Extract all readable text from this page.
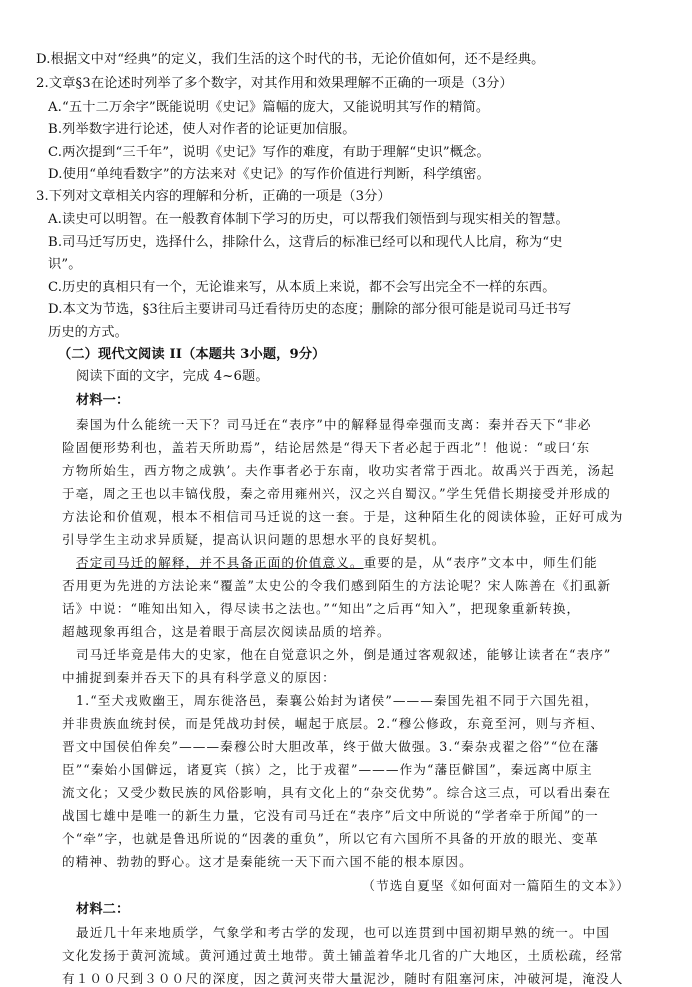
D.根据文中对“经典”的定义，我们生活的这个时代的书，无论价值如何，还不是经典。
2.文章§3在论述时列举了多个数字，对其作用和效果理解不正确的一项是（3分）
A.“五十二万余字”既能说明《史记》篇幅的庞大，又能说明其写作的精简。
B.列举数字进行论述，使人对作者的论证更加信服。
C.两次提到“三千年”，说明《史记》写作的难度，有助于理解“史识”概念。
D.使用“单纯看数字”的方法来对《史记》的写作价值进行判断，科学缜密。
3.下列对文章相关内容的理解和分析，正确的一项是（3分）
A.读史可以明智。在一般教育体制下学习的历史，可以帮我们领悟到与现实相关的智慧。
B.司马迁写历史，选择什么，排除什么，这背后的标准已经可以和现代人比肩，称为“史
识”。
C.历史的真相只有一个，无论谁来写，从本质上来说，都不会写出完全不一样的东西。
D.本文为节选，§3往后主要讲司马迁看待历史的态度；删除的部分很可能是说司马迁书写
历史的方式。
（二）现代文阅读 II（本题共 3小题，9分）
阅读下面的文字，完成 4~6题。
材料一：
秦国为什么能统一天下？司马迁在“表序”中的解释显得牵强而支离：秦并吞天下“非必
险固便形势利也，盖若天所助焉”，结论居然是“得天下者必起于西北”！他说：“或曰‘东
方物所始生，西方物之成孰’。夫作事者必于东南，收功实者常于西北。故禹兴于西羌，汤起
于亳，周之王也以丰镐伐殷，秦之帝用雍州兴，汉之兴自蜀汉。”学生凭借长期接受并形成的
方法论和价值观，根本不相信司马迁说的这一套。于是，这种陌生化的阅读体验，正好可成为
引导学生主动求异质疑，提高认识问题的思想水平的良好契机。
否定司马迁的解释，并不具备正面的价值意义。重要的是，从“表序”文本中，师生们能
否用更为先进的方法论来“覆盖”太史公的令我们感到陌生的方法论呢？宋人陈善在《扪虱新
话》中说：“唯知出知入，得尽读书之法也。”“知出”之后再“知入”，把现象重新转换，
超越现象再组合，这是着眼于高层次阅读品质的培养。
司马迁毕竟是伟大的史家，他在自觉意识之外，倒是通过客观叙述，能够让读者在“表序”
中捕捉到秦并吞天下的具有科学意义的原因：
1.“至犬戎败幽王，周东徙洛邑，秦襄公始封为诸侯”———秦国先祖不同于六国先祖，
并非贵族血统封侯，而是凭战功封侯，崛起于底层。2.“穆公修政，东竟至河，则与齐桓、
晋文中国侯伯侔矣”———秦穆公时大胆改革，终于做大做强。3.“秦杂戎翟之俗”“位在藩
臣”“秦始小国僻远，诸夏宾（摈）之，比于戎翟”———作为“藩臣僻国”，秦远离中原主
流文化；又受少数民族的风俗影响，具有文化上的“杂交优势”。综合这三点，可以看出秦在
战国七雄中是唯一的新生力量，它没有司马迁在“表序”后文中所说的“学者牵于所闻”的一
个“牵”字，也就是鲁迅所说的“因袭的重负”，所以它有六国所不具备的开放的眼光、变革
的精神、勃勃的野心。这才是秦能统一天下而六国不能的根本原因。
（节选自夏坚《如何面对一篇陌生的文本》）
材料二：
最近几十年来地质学，气象学和考古学的发现，也可以连贯到中国初期早熟的统一。中国
文化发扬于黄河流域。黄河通过黄土地带。黄土铺盖着华北几省的广大地区，土质松疏，经常
有１００尺到３００尺的深度，因之黄河夹带大量泥沙，随时有阻塞河床，冲破河堤，淹没人
